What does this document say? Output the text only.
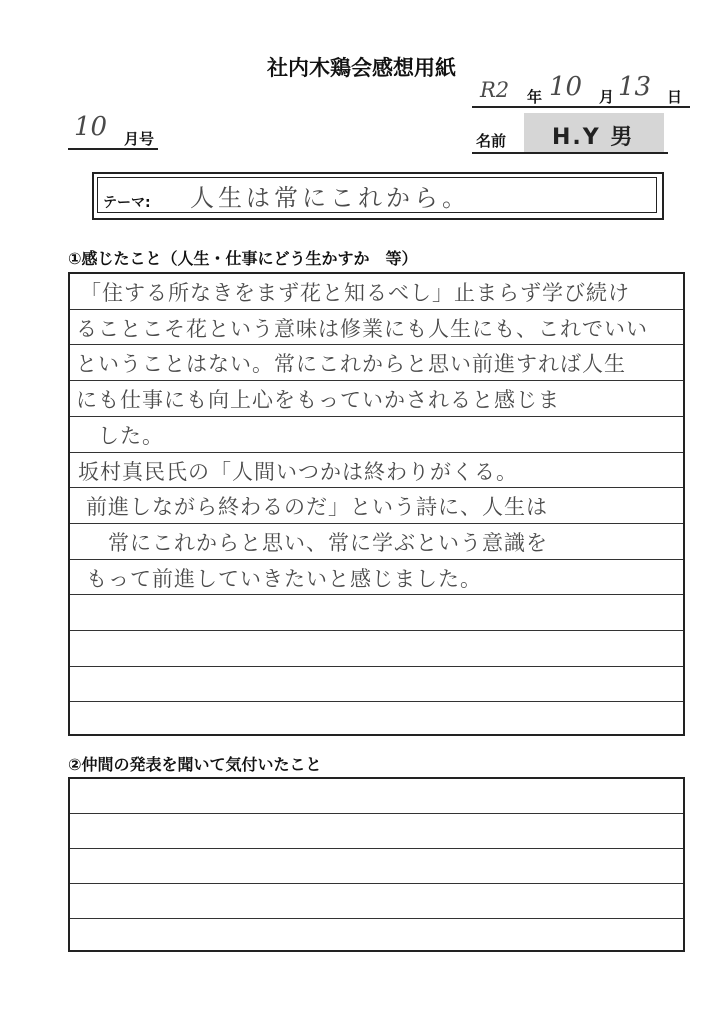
社内木鶏会感想用紙
R2 年 10 月 13 日
10 月号	名前 H.Y 男
テーマ: 人生は常にこれから。
①感じたこと（人生・仕事にどう生かすか　等）
「住する所なきをまず花と知るべし」止まらず学び続け
ることこそ花という意味は修業にも人生にも、これでいい
ということはない。常にこれからと思い前進すれば人生
にも仕事にも向上心をもっていかされると感じま
した。
坂村真民氏の「人間いつかは終わりがくる。
前進しながら終わるのだ」という詩に、人生は
常にこれからと思い、常に学ぶという意識を
もって前進していきたいと感じました。
②仲間の発表を聞いて気付いたこと
